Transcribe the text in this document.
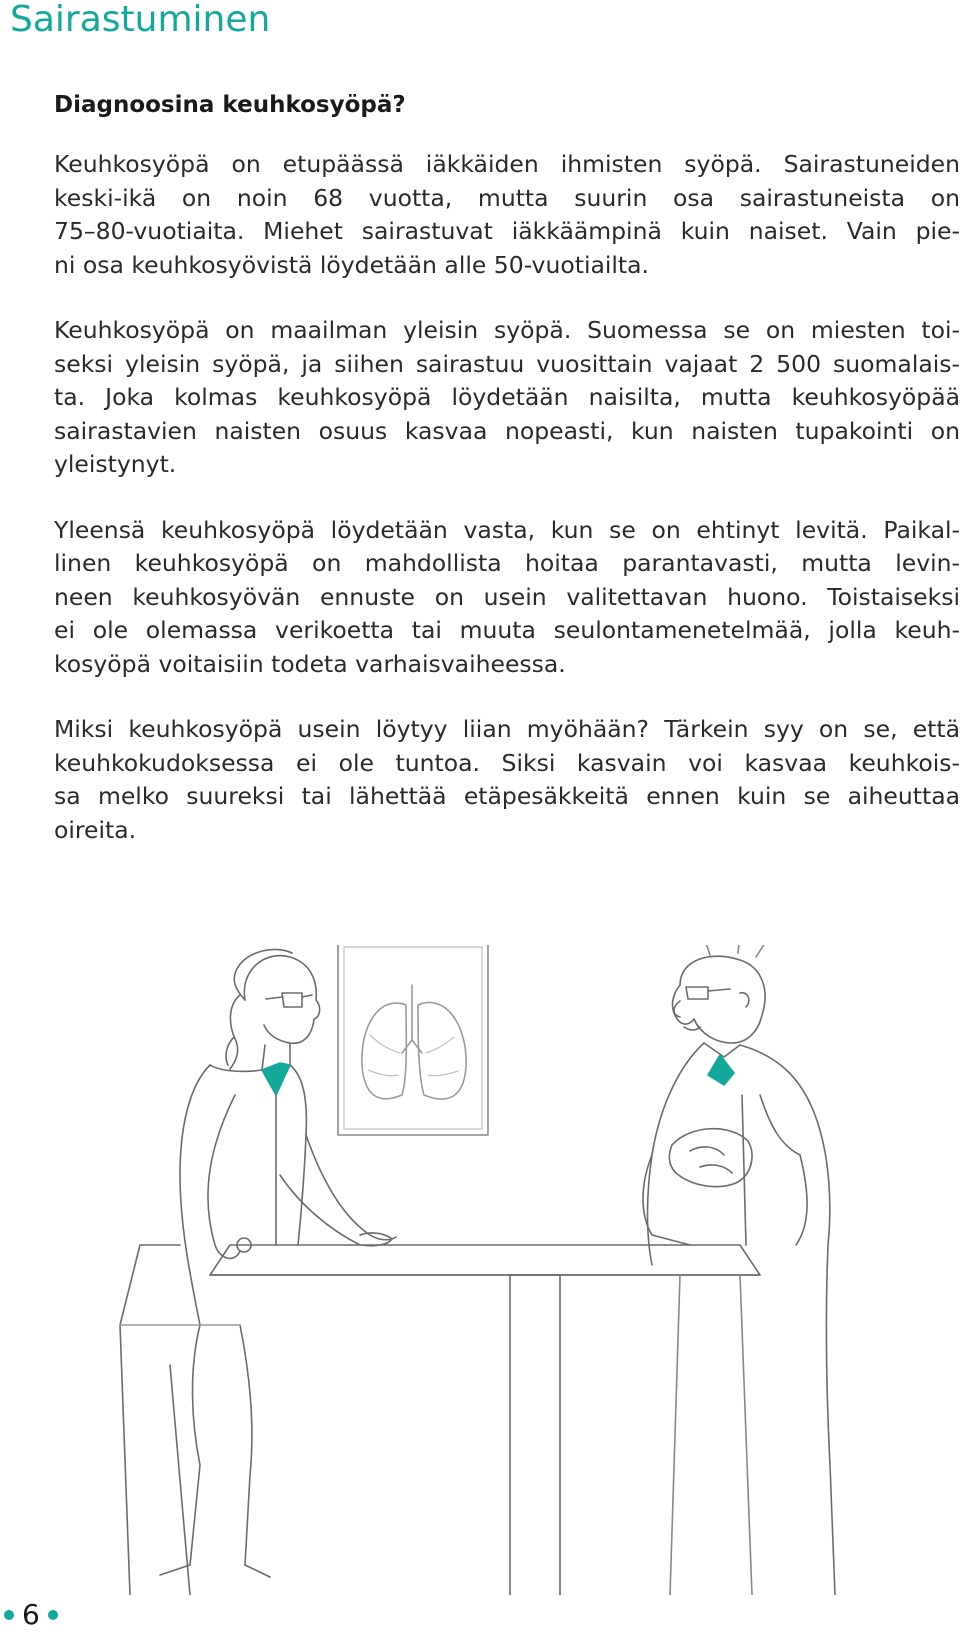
Sairastuminen
Diagnoosina keuhkosyöpä?

Keuhkosyöpä on etupäässä iäkkäiden ihmisten syöpä. Sairastuneiden
keski-ikä on noin 68 vuotta, mutta suurin osa sairastuneista on
75–80-vuotiaita. Miehet sairastuvat iäkkäämpinä kuin naiset. Vain pie-
ni osa keuhkosyövistä löydetään alle 50-vuotiailta.

Keuhkosyöpä on maailman yleisin syöpä. Suomessa se on miesten toi-
seksi yleisin syöpä, ja siihen sairastuu vuosittain vajaat 2 500 suomalais-
ta. Joka kolmas keuhkosyöpä löydetään naisilta, mutta keuhkosyöpää
sairastavien naisten osuus kasvaa nopeasti, kun naisten tupakointi on
yleistynyt.

Yleensä keuhkosyöpä löydetään vasta, kun se on ehtinyt levitä. Paikal-
linen keuhkosyöpä on mahdollista hoitaa parantavasti, mutta levin-
neen keuhkosyövän ennuste on usein valitettavan huono. Toistaiseksi
ei ole olemassa verikoetta tai muuta seulontamenetelmää, jolla keuh-
kosyöpä voitaisiin todeta varhaisvaiheessa.

Miksi keuhkosyöpä usein löytyy liian myöhään? Tärkein syy on se, että
keuhkokudoksessa ei ole tuntoa. Siksi kasvain voi kasvaa keuhkois-
sa melko suureksi tai lähettää etäpesäkkeitä ennen kuin se aiheuttaa
oireita.

6
